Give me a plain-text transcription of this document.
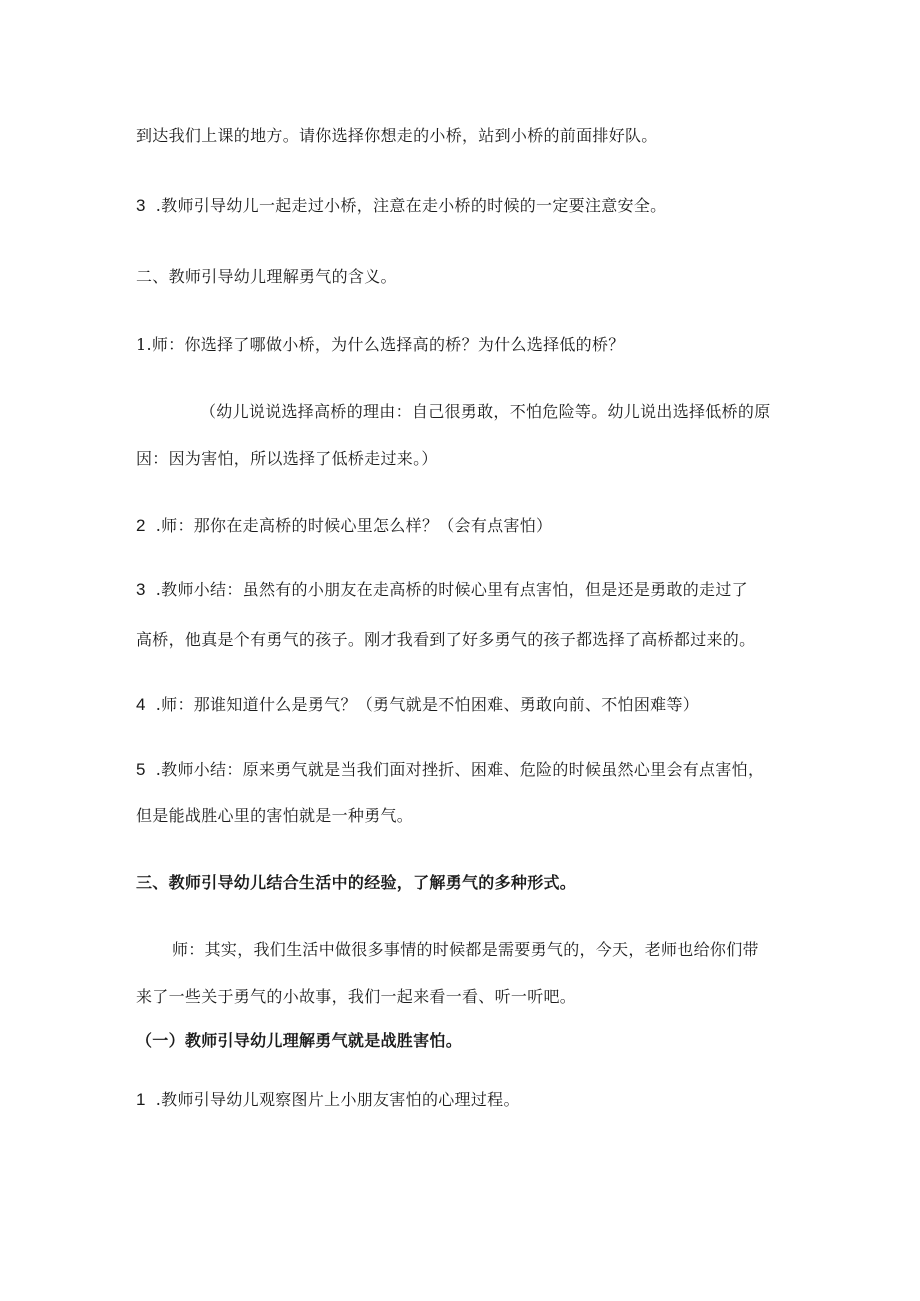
到达我们上课的地方。请你选择你想走的小桥，站到小桥的前面排好队。
3 .教师引导幼儿一起走过小桥，注意在走小桥的时候的一定要注意安全。
二、教师引导幼儿理解勇气的含义。
1.师：你选择了哪做小桥，为什么选择高的桥？为什么选择低的桥？
（幼儿说说选择高桥的理由：自己很勇敢，不怕危险等。幼儿说出选择低桥的原
因：因为害怕，所以选择了低桥走过来。）
2 .师：那你在走高桥的时候心里怎么样？（会有点害怕）
3 .教师小结：虽然有的小朋友在走高桥的时候心里有点害怕，但是还是勇敢的走过了
高桥，他真是个有勇气的孩子。刚才我看到了好多勇气的孩子都选择了高桥都过来的。
4 .师：那谁知道什么是勇气？（勇气就是不怕困难、勇敢向前、不怕困难等）
5 .教师小结：原来勇气就是当我们面对挫折、困难、危险的时候虽然心里会有点害怕，
但是能战胜心里的害怕就是一种勇气。
三、教师引导幼儿结合生活中的经验，了解勇气的多种形式。
师：其实，我们生活中做很多事情的时候都是需要勇气的，今天，老师也给你们带
来了一些关于勇气的小故事，我们一起来看一看、听一听吧。
（一）教师引导幼儿理解勇气就是战胜害怕。
1 .教师引导幼儿观察图片上小朋友害怕的心理过程。
